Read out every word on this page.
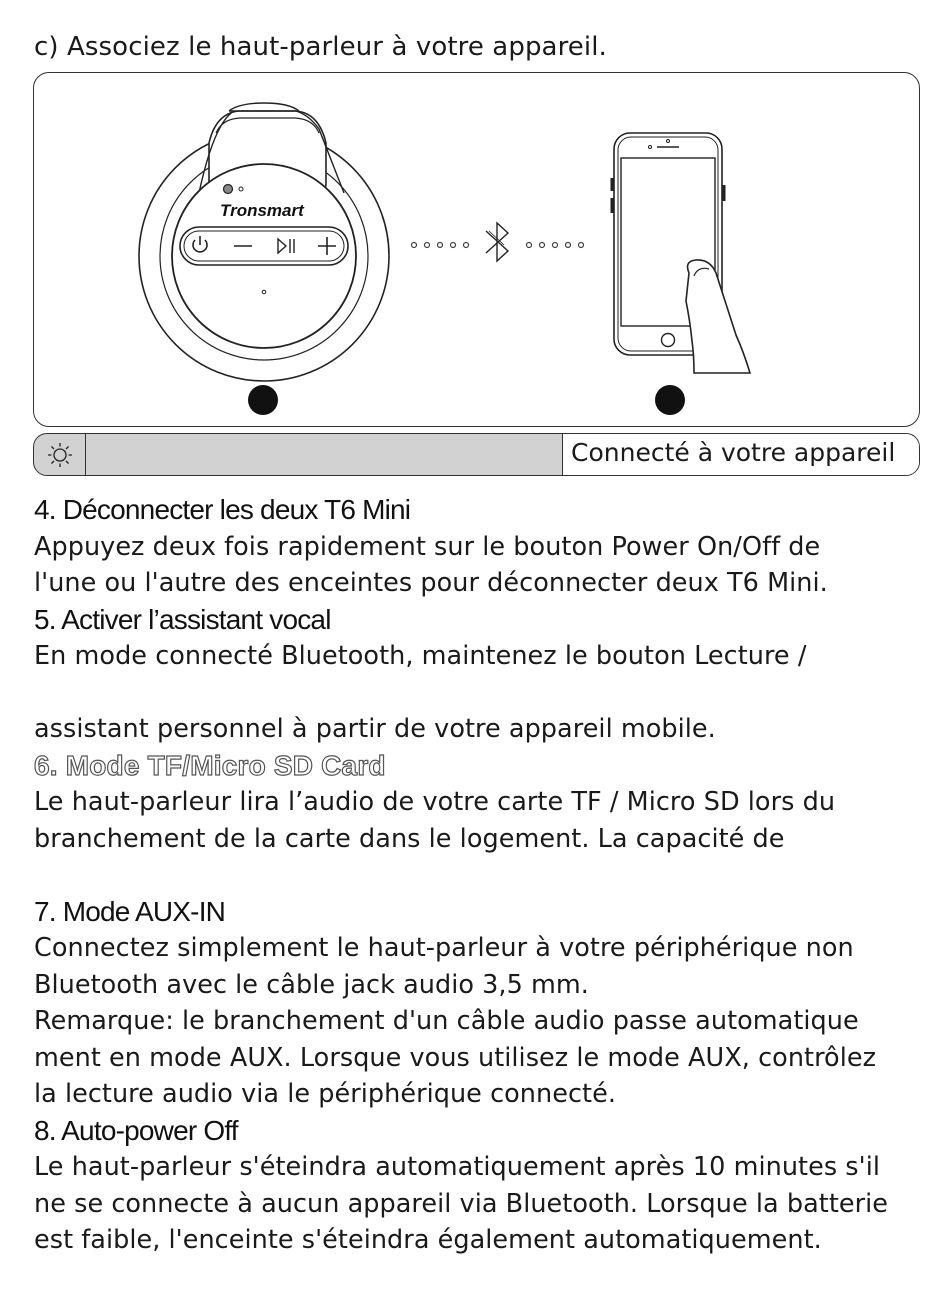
c) Associez le haut-parleur à votre appareil.
Tronsmart
Connecté à votre appareil
4. Déconnecter les deux T6 Mini
Appuyez deux fois rapidement sur le bouton Power On/Off de
l'une ou l'autre des enceintes pour déconnecter deux T6 Mini.
5. Activer l’assistant vocal
En mode connecté Bluetooth, maintenez le bouton Lecture /
assistant personnel à partir de votre appareil mobile.
6. Mode TF/Micro SD Card
Le haut-parleur lira l’audio de votre carte TF / Micro SD lors du
branchement de la carte dans le logement. La capacité de
7. Mode AUX-IN
Connectez simplement le haut-parleur à votre périphérique non
Bluetooth avec le câble jack audio 3,5 mm.
Remarque: le branchement d'un câble audio passe automatique
ment en mode AUX. Lorsque vous utilisez le mode AUX, contrôlez
la lecture audio via le périphérique connecté.
8. Auto-power Off
Le haut-parleur s'éteindra automatiquement après 10 minutes s'il
ne se connecte à aucun appareil via Bluetooth. Lorsque la batterie
est faible, l'enceinte s'éteindra également automatiquement.
